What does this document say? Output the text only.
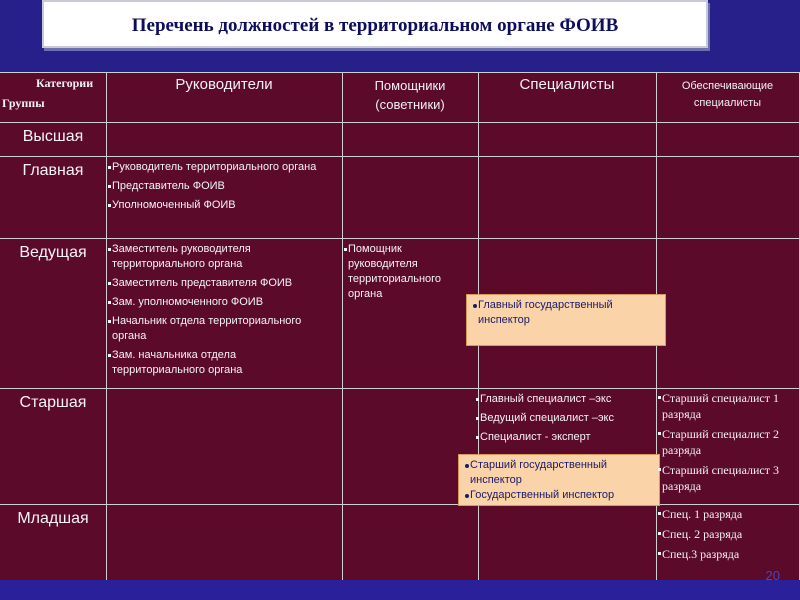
Перечень должностей в территориальном органе ФОИВ
Категории
Группы
Руководители	Помощники
(советники)
Специалисты	Обеспечивающие
специалисты
Высшая
Главная
Ведущая
Старшая
Младшая
Руководитель территориального органа
Представитель ФОИВ
Уполномоченный ФОИВ
Заместитель руководителя территориального органа
Заместитель представителя ФОИВ
Зам. уполномоченного ФОИВ
Начальник отдела территориального органа
Зам. начальника отдела территориального органа
Помощник руководителя территориального органа
Главный государственный инспектор
Главный специалист –экс
Ведущий специалист –экс
Специалист - эксперт
Старший государственный инспектор
Государственный инспектор
Старший специалист 1 разряда
Старший специалист 2 разряда
Старший специалист 3 разряда
Спец. 1 разряда
Спец. 2 разряда
Спец.3 разряда
20
